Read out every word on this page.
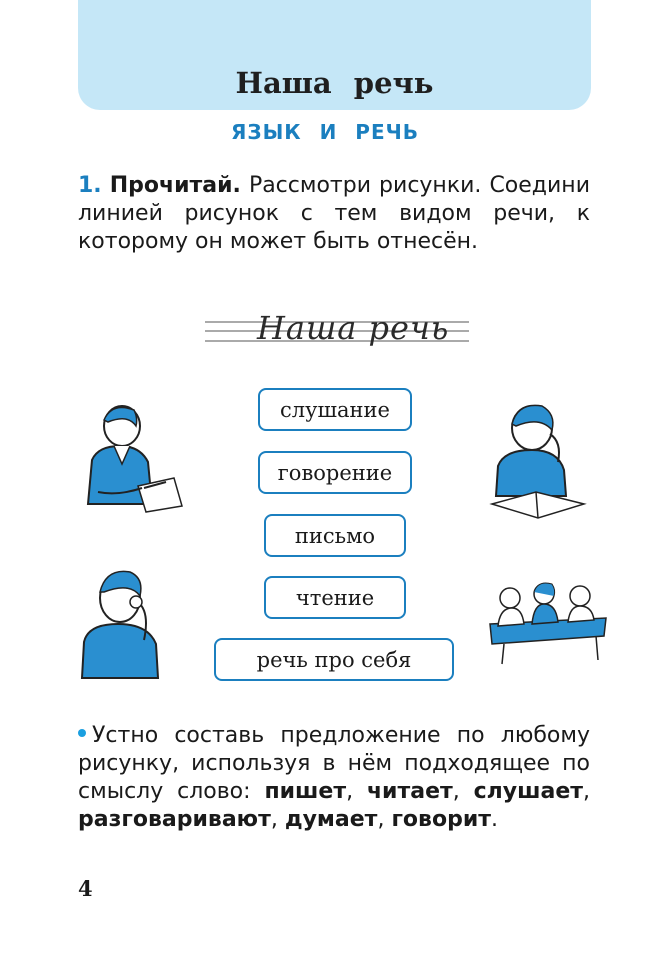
Наша речь
ЯЗЫК И РЕЧЬ
1. Прочитай. Рассмотри рисунки. Соедини линией рисунок с тем видом речи, к которому он может быть отнесён.
Наша речь
слушание
говорение
письмо
чтение
речь про себя
Устно составь предложение по любому рисунку, используя в нём подходящее по смыслу слово: пишет, читает, слушает, разговаривают, думает, говорит.
4
